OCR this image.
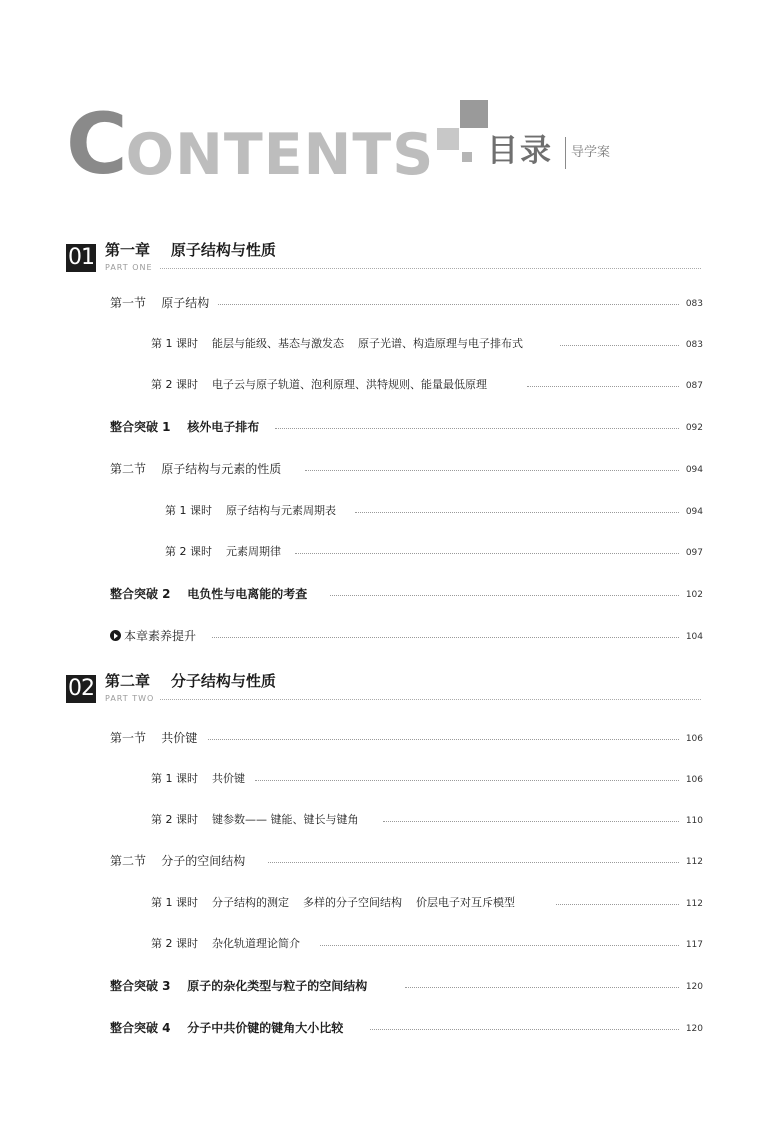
CONTENTS 目录 导学案
01 第一章    原子结构与性质
PART ONE
第一节    原子结构	083
第 1 课时    能层与能级、基态与激发态    原子光谱、构造原理与电子排布式	083
第 2 课时    电子云与原子轨道、泡利原理、洪特规则、能量最低原理	087
整合突破 1    核外电子排布	092
第二节    原子结构与元素的性质	094
第 1 课时    原子结构与元素周期表	094
第 2 课时    元素周期律	097
整合突破 2    电负性与电离能的考查	102
本章素养提升	104
02 第二章    分子结构与性质
PART TWO
第一节    共价键	106
第 1 课时    共价键	106
第 2 课时    键参数—— 键能、键长与键角	110
第二节    分子的空间结构	112
第 1 课时    分子结构的测定    多样的分子空间结构    价层电子对互斥模型	112
第 2 课时    杂化轨道理论简介	117
整合突破 3    原子的杂化类型与粒子的空间结构	120
整合突破 4    分子中共价键的键角大小比较	120
